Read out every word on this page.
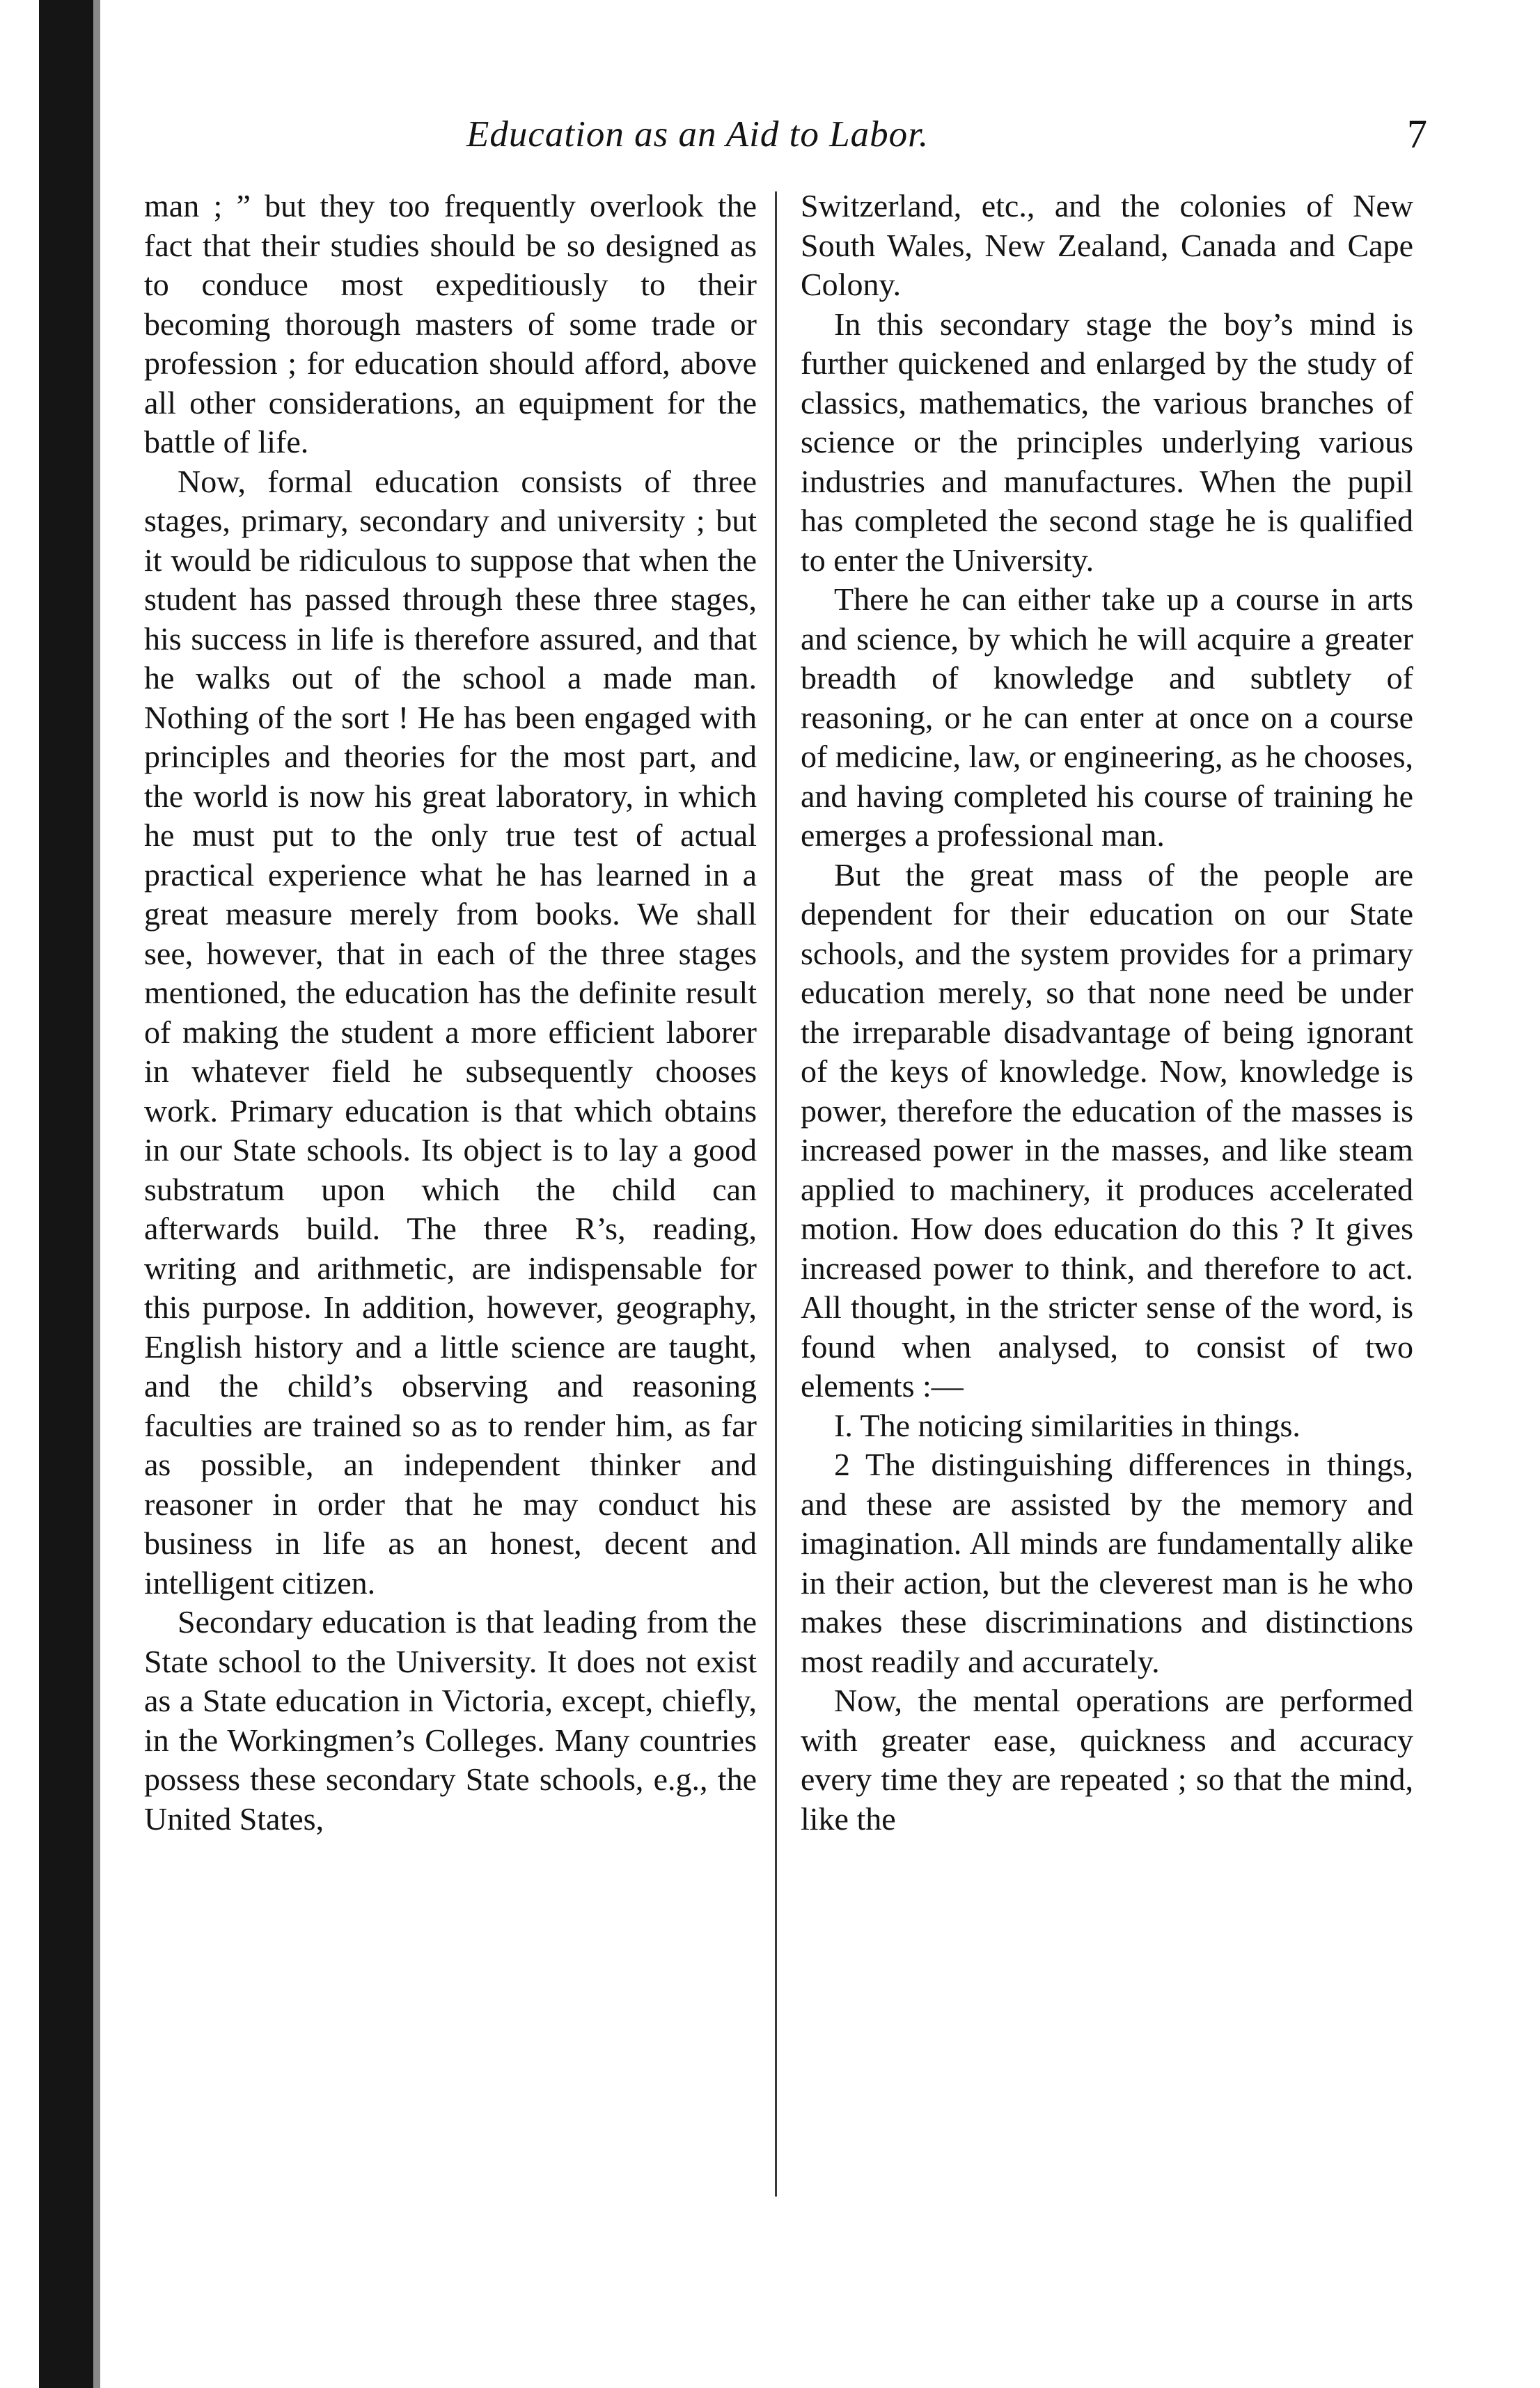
Education as an Aid to Labor.	7

man ; ” but they too frequently overlook the fact that their studies should be so designed as to conduce most expeditiously to their becoming thorough masters of some trade or profession ; for education should afford, above all other considerations, an equipment for the battle of life.

Now, formal education consists of three stages, primary, secondary and university ; but it would be ridiculous to suppose that when the student has passed through these three stages, his success in life is therefore assured, and that he walks out of the school a made man. Nothing of the sort ! He has been engaged with principles and theories for the most part, and the world is now his great laboratory, in which he must put to the only true test of actual practical experience what he has learned in a great measure merely from books. We shall see, however, that in each of the three stages mentioned, the education has the definite result of making the student a more efficient laborer in whatever field he subsequently chooses work. Primary education is that which obtains in our State schools. Its object is to lay a good substratum upon which the child can afterwards build. The three R’s, reading, writing and arithmetic, are indispensable for this purpose. In addition, however, geography, English history and a little science are taught, and the child’s observing and reasoning faculties are trained so as to render him, as far as possible, an independent thinker and reasoner in order that he may conduct his business in life as an honest, decent and intelligent citizen.

Secondary education is that leading from the State school to the University. It does not exist as a State education in Victoria, except, chiefly, in the Workingmen’s Colleges. Many countries possess these secondary State schools, e.g., the United States,

Switzerland, etc., and the colonies of New South Wales, New Zealand, Canada and Cape Colony.

In this secondary stage the boy’s mind is further quickened and enlarged by the study of classics, mathematics, the various branches of science or the principles underlying various industries and manufactures. When the pupil has completed the second stage he is qualified to enter the University.

There he can either take up a course in arts and science, by which he will acquire a greater breadth of knowledge and subtlety of reasoning, or he can enter at once on a course of medicine, law, or engineering, as he chooses, and having completed his course of training he emerges a professional man.

But the great mass of the people are dependent for their education on our State schools, and the system provides for a primary education merely, so that none need be under the irreparable disadvantage of being ignorant of the keys of knowledge. Now, knowledge is power, therefore the education of the masses is increased power in the masses, and like steam applied to machinery, it produces accelerated motion. How does education do this ? It gives increased power to think, and therefore to act. All thought, in the stricter sense of the word, is found when analysed, to consist of two elements :—

I. The noticing similarities in things.

2 The distinguishing differences in things, and these are assisted by the memory and imagination. All minds are fundamentally alike in their action, but the cleverest man is he who makes these discriminations and distinctions most readily and accurately.

Now, the mental operations are performed with greater ease, quickness and accuracy every time they are repeated ; so that the mind, like the
